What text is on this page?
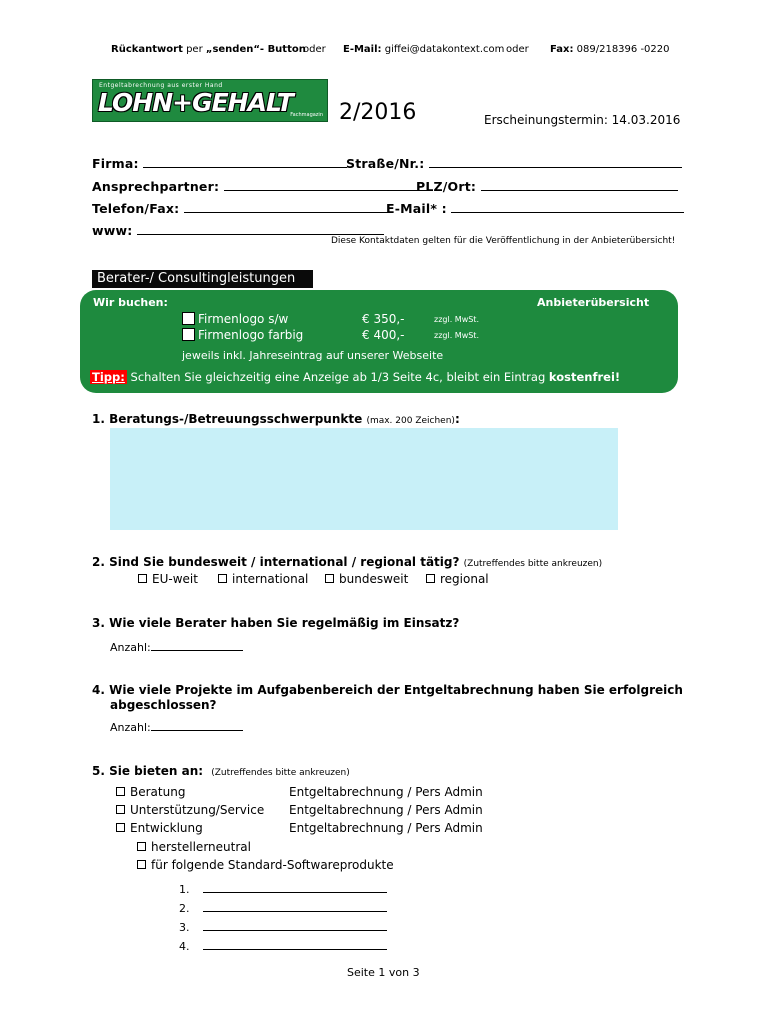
Rückantwort per „senden“- Button
oder E-Mail: giffei@datakontext.com oder Fax: 089/218396 -0220
Entgeltabrechnung aus erster Hand
LOHN+GEHALT
Fachmagazin 2/2016	Erscheinungstermin: 14.03.2016
Firma:	Straße/Nr.:
Ansprechpartner:	PLZ/Ort:
Telefon/Fax:	E-Mail* :
www:
Diese Kontaktdaten gelten für die Veröffentlichung in der Anbieterübersicht!
Berater-/ Consultingleistungen
Wir buchen:	Anbieterübersicht
Firmenlogo s/w	€ 350,-	zzgl. MwSt.
Firmenlogo farbig	€ 400,-	zzgl. MwSt.
jeweils inkl. Jahreseintrag auf unserer Webseite
Tipp: Schalten Sie gleichzeitig eine Anzeige ab 1/3 Seite 4c, bleibt ein Eintrag kostenfrei!
1. Beratungs-/Betreuungsschwerpunkte (max. 200 Zeichen):
2. Sind Sie bundesweit / international / regional tätig? (Zutreffendes bitte ankreuzen)
EU-weit	international	bundesweit	regional
3. Wie viele Berater haben Sie regelmäßig im Einsatz?
Anzahl:
4. Wie viele Projekte im Aufgabenbereich der Entgeltabrechnung haben Sie erfolgreich
abgeschlossen?
Anzahl:
5. Sie bieten an: (Zutreffendes bitte ankreuzen)
Beratung	Entgeltabrechnung / Pers Admin
Unterstützung/Service Entgeltabrechnung / Pers Admin
Entwicklung	Entgeltabrechnung / Pers Admin
herstellerneutral
für folgende Standard-Softwareprodukte
1.
2.
3.
4.
Seite 1 von 3
